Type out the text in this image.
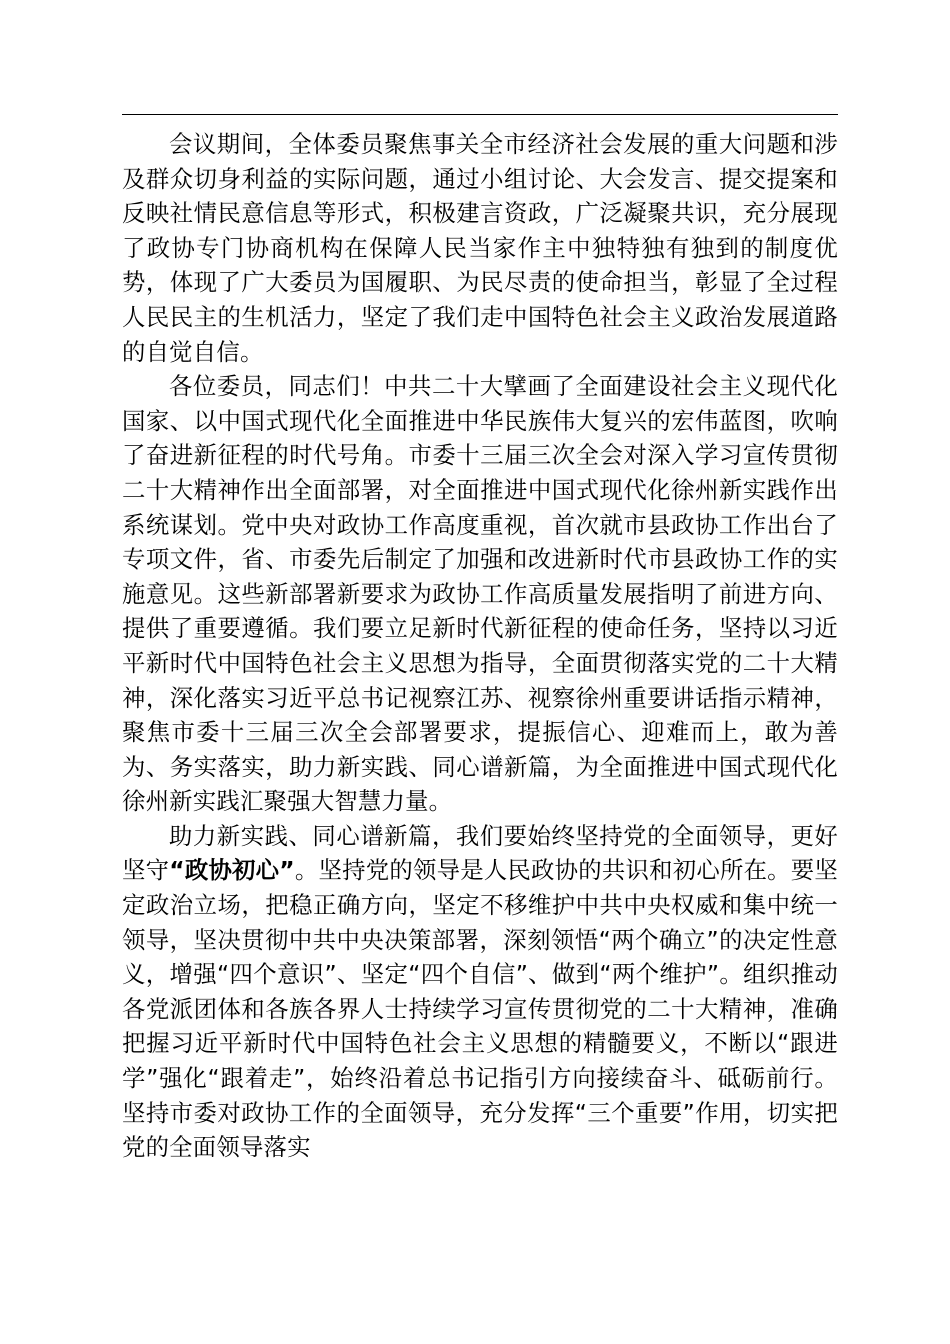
会议期间，全体委员聚焦事关全市经济社会发展的重大问题和涉及群众切身利益的实际问题，通过小组讨论、大会发言、提交提案和反映社情民意信息等形式，积极建言资政，广泛凝聚共识，充分展现了政协专门协商机构在保障人民当家作主中独特独有独到的制度优势，体现了广大委员为国履职、为民尽责的使命担当，彰显了全过程人民民主的生机活力，坚定了我们走中国特色社会主义政治发展道路的自觉自信。

各位委员，同志们！中共二十大擘画了全面建设社会主义现代化国家、以中国式现代化全面推进中华民族伟大复兴的宏伟蓝图，吹响了奋进新征程的时代号角。市委十三届三次全会对深入学习宣传贯彻二十大精神作出全面部署，对全面推进中国式现代化徐州新实践作出系统谋划。党中央对政协工作高度重视，首次就市县政协工作出台了专项文件，省、市委先后制定了加强和改进新时代市县政协工作的实施意见。这些新部署新要求为政协工作高质量发展指明了前进方向、提供了重要遵循。我们要立足新时代新征程的使命任务，坚持以习近平新时代中国特色社会主义思想为指导，全面贯彻落实党的二十大精神，深化落实习近平总书记视察江苏、视察徐州重要讲话指示精神，聚焦市委十三届三次全会部署要求，提振信心、迎难而上，敢为善为、务实落实，助力新实践、同心谱新篇，为全面推进中国式现代化徐州新实践汇聚强大智慧力量。

助力新实践、同心谱新篇，我们要始终坚持党的全面领导，更好坚守“政协初心”。坚持党的领导是人民政协的共识和初心所在。要坚定政治立场，把稳正确方向，坚定不移维护中共中央权威和集中统一领导，坚决贯彻中共中央决策部署，深刻领悟“两个确立”的决定性意义，增强“四个意识”、坚定“四个自信”、做到“两个维护”。组织推动各党派团体和各族各界人士持续学习宣传贯彻党的二十大精神，准确把握习近平新时代中国特色社会主义思想的精髓要义，不断以“跟进学”强化“跟着走”，始终沿着总书记指引方向接续奋斗、砥砺前行。坚持市委对政协工作的全面领导，充分发挥“三个重要”作用，切实把党的全面领导落实
